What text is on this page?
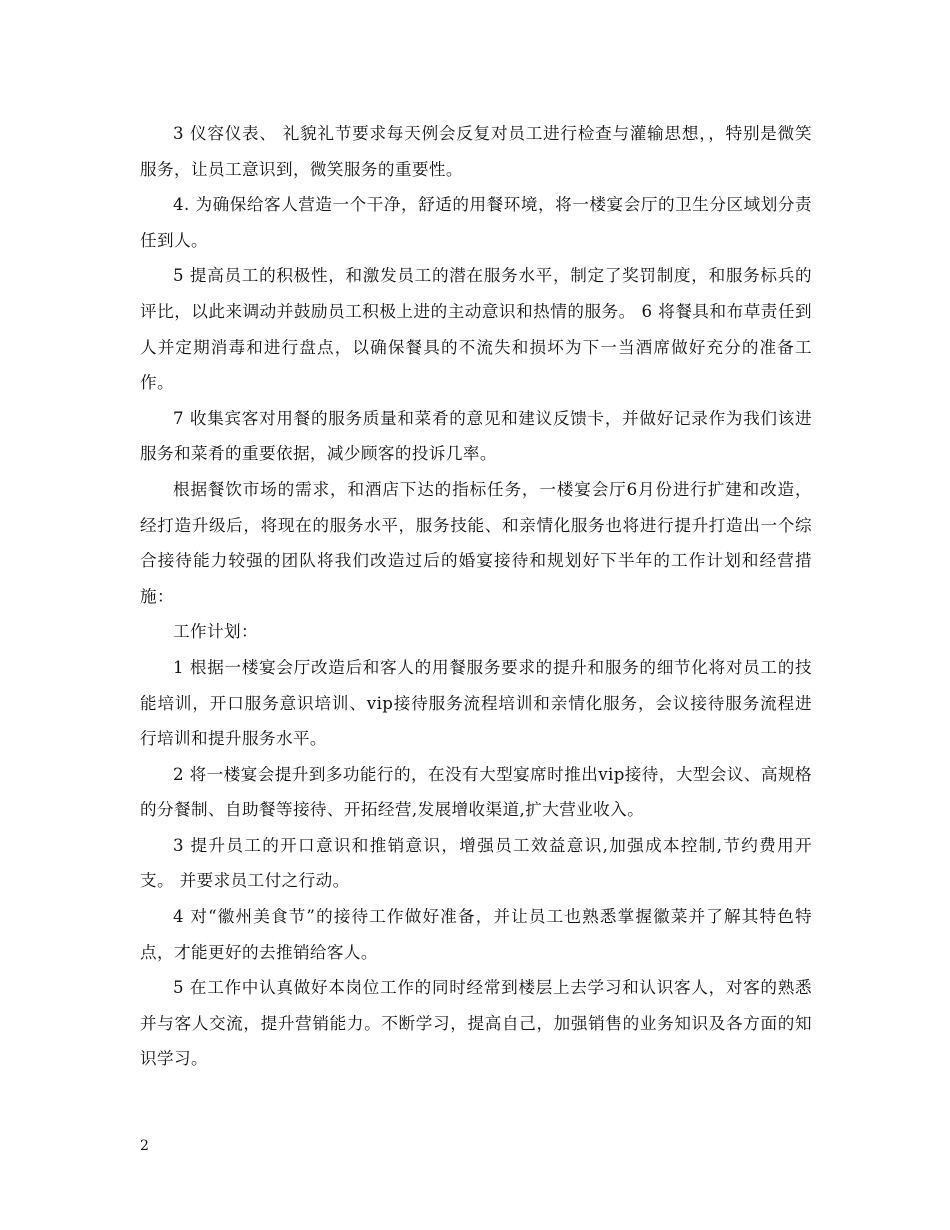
3 仪容仪表、 礼貌礼节要求每天例会反复对员工进行检查与灌输思想，，特别是微笑服务，让员工意识到，微笑服务的重要性。

4. 为确保给客人营造一个干净，舒适的用餐环境，将一楼宴会厅的卫生分区域划分责任到人。

5 提高员工的积极性，和激发员工的潜在服务水平，制定了奖罚制度，和服务标兵的评比，以此来调动并鼓励员工积极上进的主动意识和热情的服务。 6 将餐具和布草责任到人并定期消毒和进行盘点，以确保餐具的不流失和损坏为下一当酒席做好充分的准备工作。

7 收集宾客对用餐的服务质量和菜肴的意见和建议反馈卡，并做好记录作为我们该进服务和菜肴的重要依据，减少顾客的投诉几率。

根据餐饮市场的需求，和酒店下达的指标任务，一楼宴会厅6月份进行扩建和改造，经打造升级后，将现在的服务水平，服务技能、和亲情化服务也将进行提升打造出一个综合接待能力较强的团队将我们改造过后的婚宴接待和规划好下半年的工作计划和经营措施：

工作计划：

1 根据一楼宴会厅改造后和客人的用餐服务要求的提升和服务的细节化将对员工的技能培训，开口服务意识培训、vip接待服务流程培训和亲情化服务，会议接待服务流程进行培训和提升服务水平。

2 将一楼宴会提升到多功能行的，在没有大型宴席时推出vip接待，大型会议、高规格的分餐制、自助餐等接待、开拓经营,发展增收渠道,扩大营业收入。

3 提升员工的开口意识和推销意识，增强员工效益意识,加强成本控制,节约费用开支。 并要求员工付之行动。

4 对“徽州美食节”的接待工作做好准备，并让员工也熟悉掌握徽菜并了解其特色特点，才能更好的去推销给客人。

5 在工作中认真做好本岗位工作的同时经常到楼层上去学习和认识客人，对客的熟悉并与客人交流，提升营销能力。不断学习，提高自己，加强销售的业务知识及各方面的知识学习。

2
